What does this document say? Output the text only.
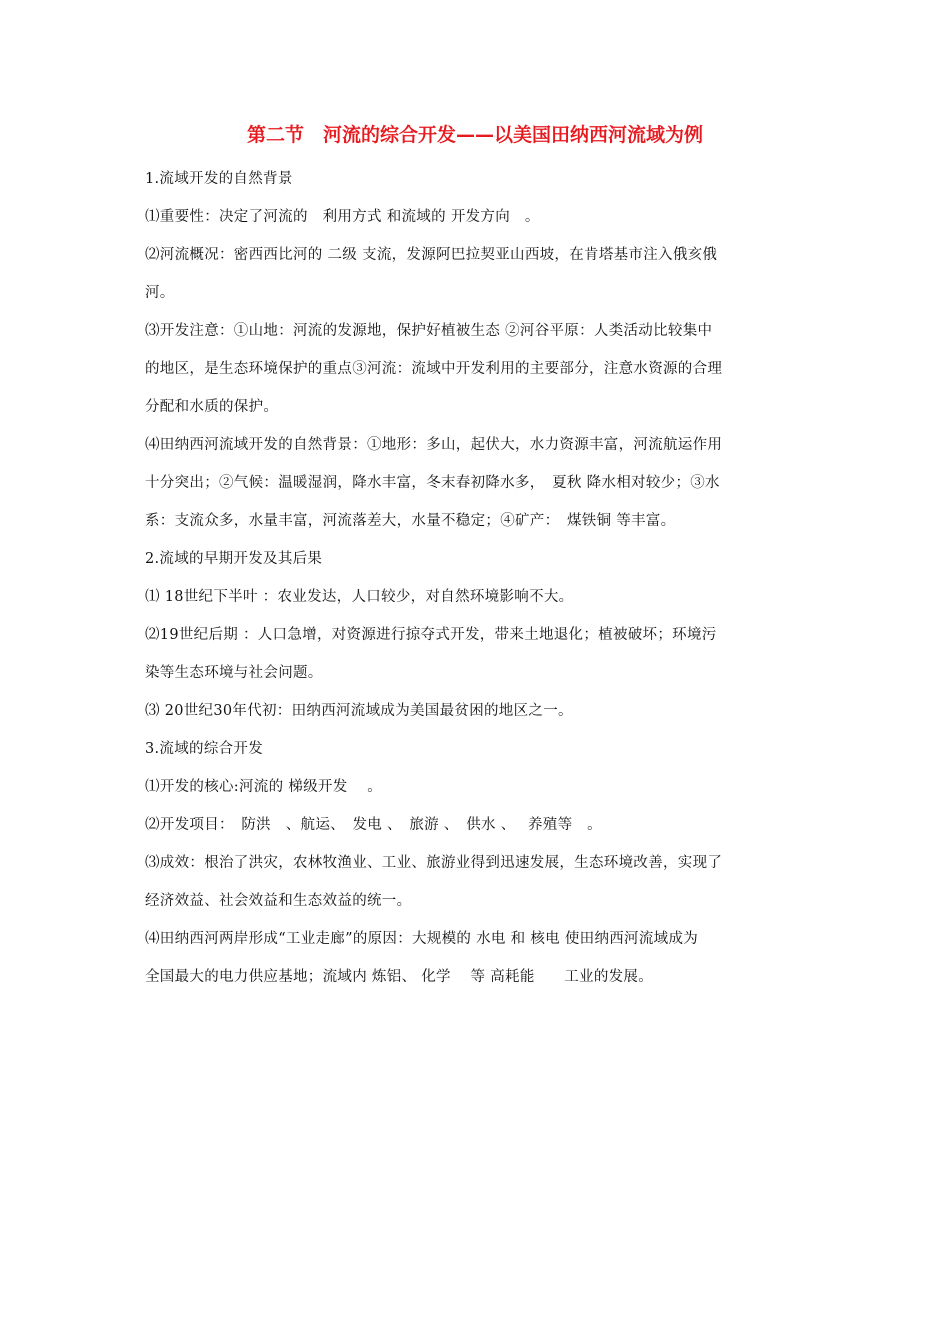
第二节　河流的综合开发——以美国田纳西河流域为例
1.流域开发的自然背景
⑴重要性：决定了河流的　利用方式 和流域的 开发方向　。
⑵河流概况：密西西比河的 二级 支流，发源阿巴拉契亚山西坡，在肯塔基市注入俄亥俄
河。
⑶开发注意：①山地：河流的发源地，保护好植被生态 ②河谷平原：人类活动比较集中
的地区，是生态环境保护的重点③河流：流域中开发利用的主要部分，注意水资源的合理
分配和水质的保护。
⑷田纳西河流域开发的自然背景：①地形：多山，起伏大，水力资源丰富，河流航运作用
十分突出；②气候：温暖湿润，降水丰富，冬末春初降水多，　夏秋 降水相对较少；③水
系：支流众多，水量丰富，河流落差大，水量不稳定；④矿产：　煤铁铜 等丰富。
2.流域的早期开发及其后果
⑴ 18世纪下半叶 ：农业发达，人口较少，对自然环境影响不大。
⑵19世纪后期 ：人口急增，对资源进行掠夺式开发，带来土地退化；植被破坏；环境污
染等生态环境与社会问题。
⑶ 20世纪30年代初：田纳西河流域成为美国最贫困的地区之一。
3.流域的综合开发
⑴开发的核心:河流的 梯级开发　 。
⑵开发项目：　防洪　、航运、　发电 、　旅游 、　供水 、　 养殖等　。
⑶成效：根治了洪灾，农林牧渔业、工业、旅游业得到迅速发展，生态环境改善，实现了
经济效益、社会效益和生态效益的统一。
⑷田纳西河两岸形成“工业走廊”的原因：大规模的 水电 和 核电 使田纳西河流域成为
全国最大的电力供应基地；流域内 炼铝、 化学　 等 高耗能　　工业的发展。
